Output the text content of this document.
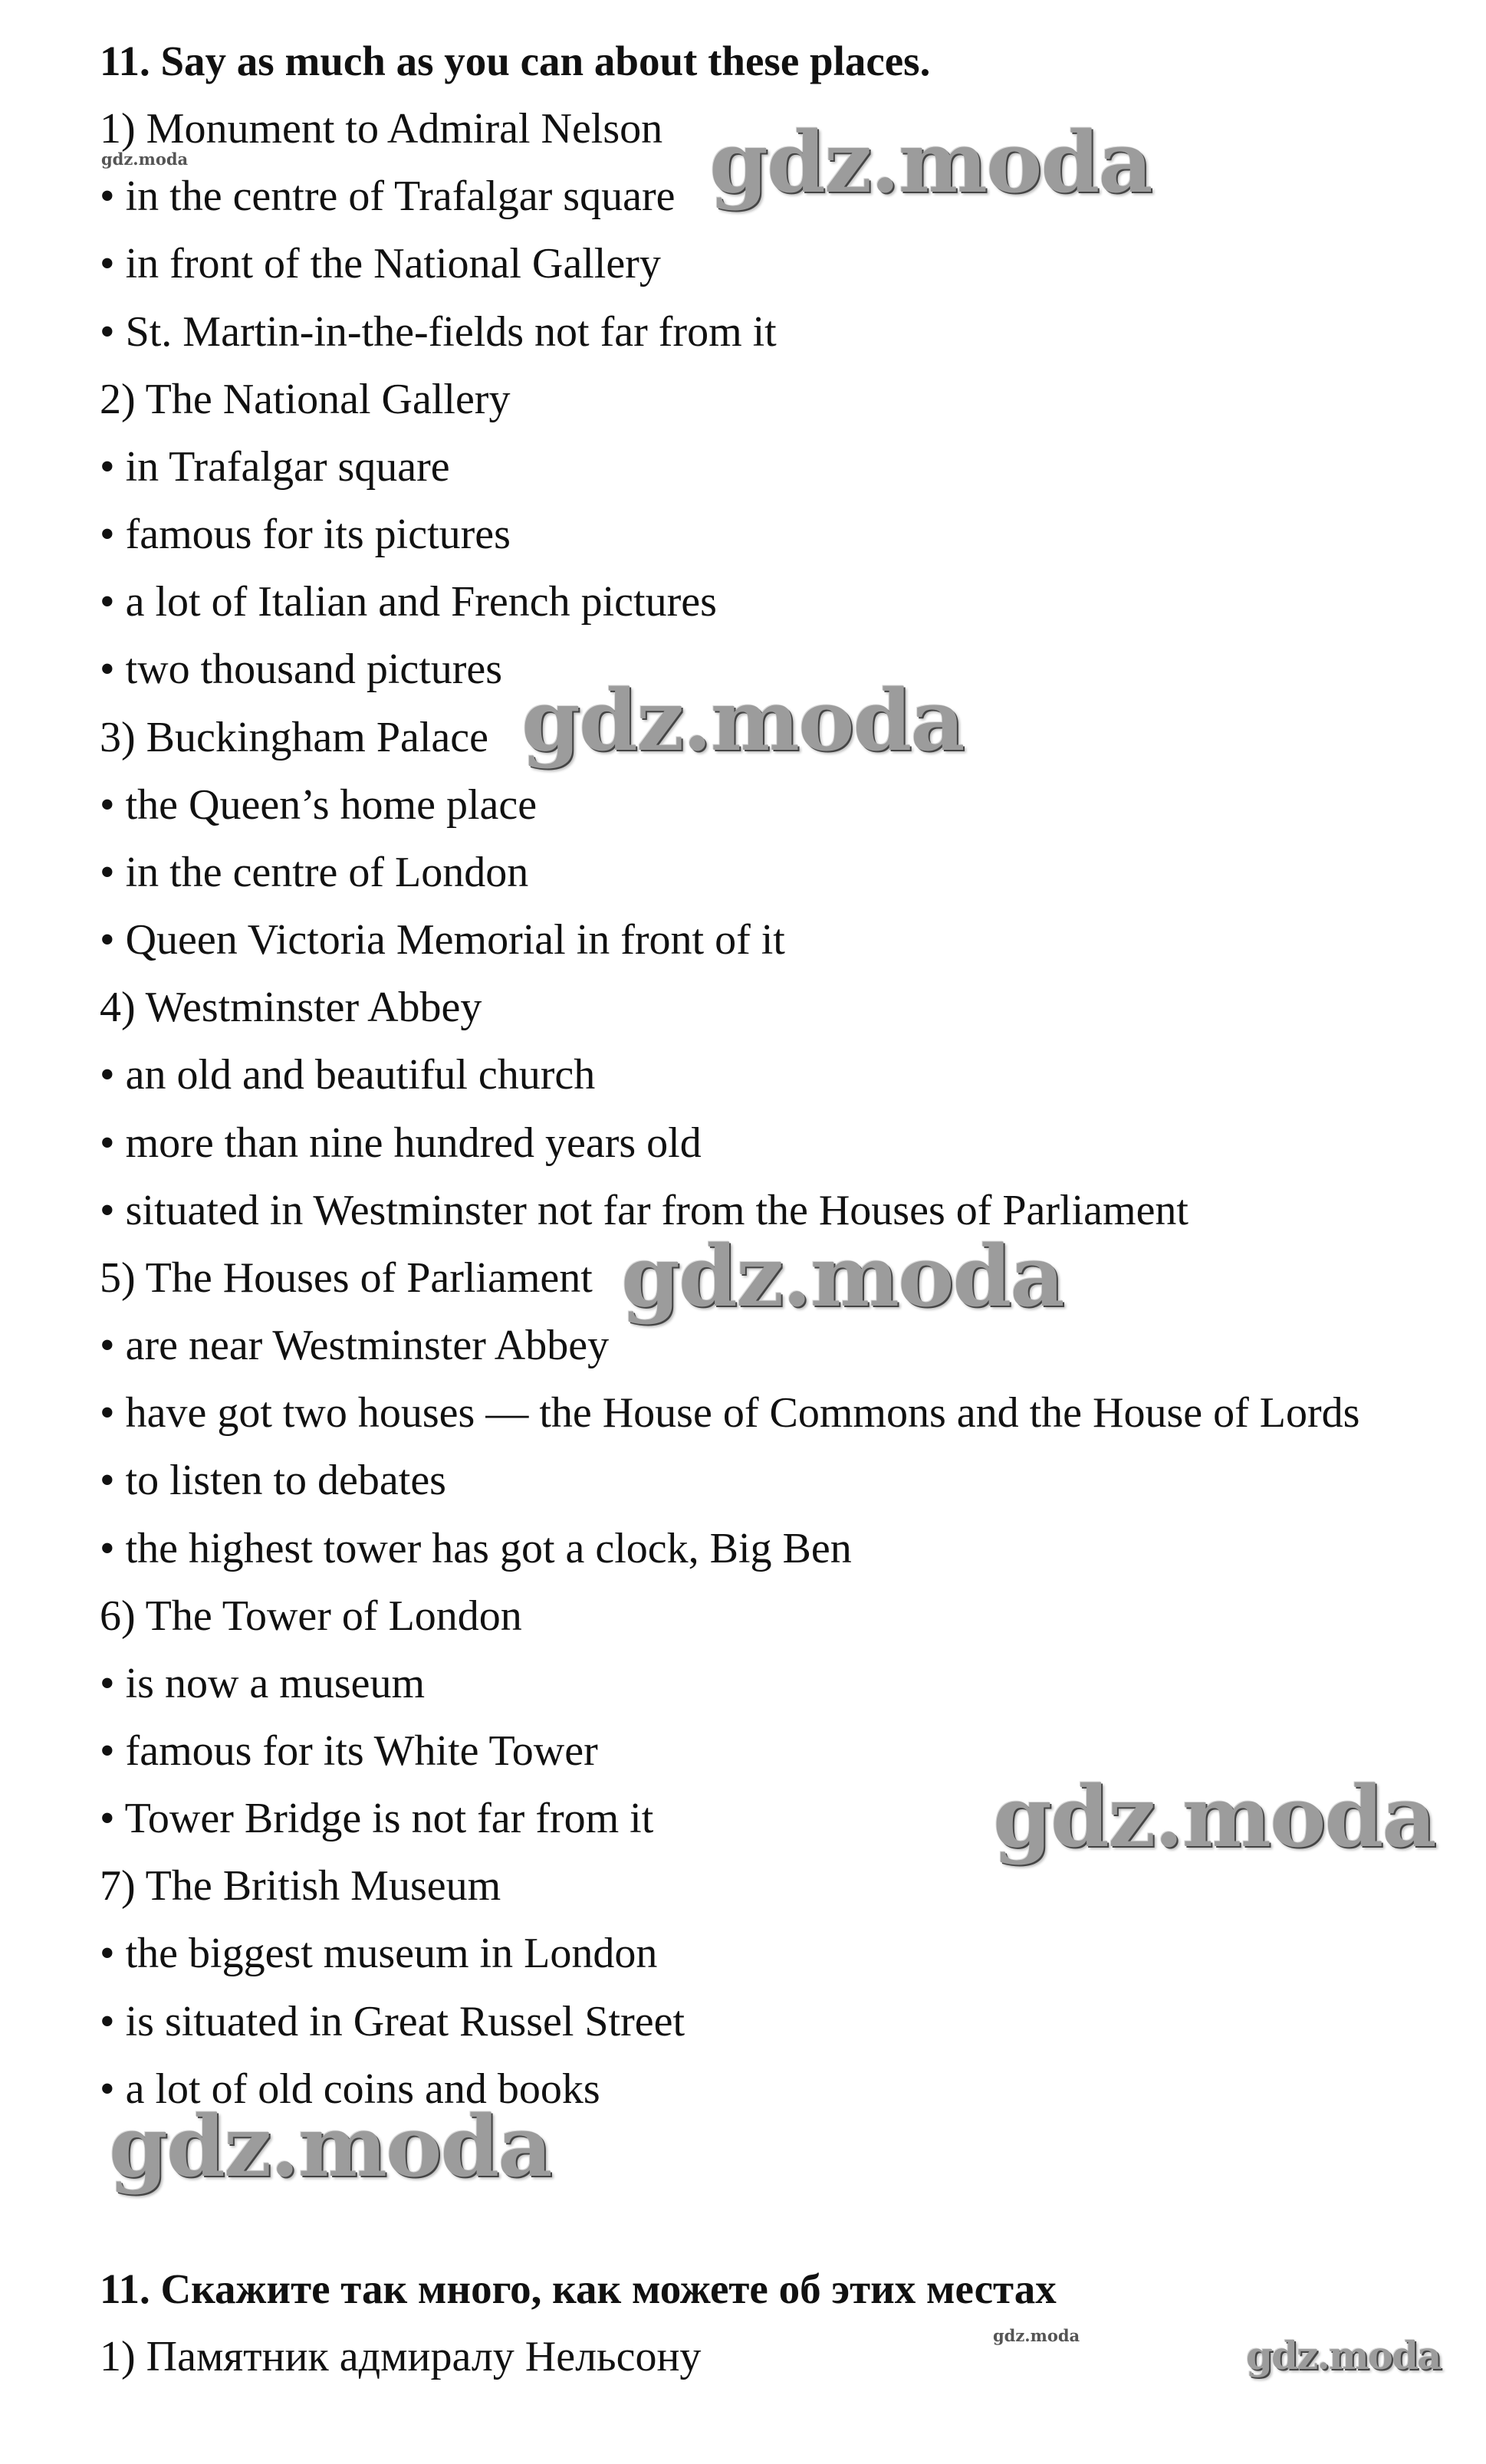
11. Say as much as you can about these places.

1) Monument to Admiral Nelson

• in the centre of Trafalgar square

• in front of the National Gallery

• St. Martin-in-the-fields not far from it

2) The National Gallery

• in Trafalgar square

• famous for its pictures

• a lot of Italian and French pictures

• two thousand pictures

3) Buckingham Palace

• the Queen’s home place

• in the centre of London

• Queen Victoria Memorial in front of it

4) Westminster Abbey

• an old and beautiful church

• more than nine hundred years old

• situated in Westminster not far from the Houses of Parliament

5) The Houses of Parliament

• are near Westminster Abbey

• have got two houses — the House of Commons and the House of Lords

• to listen to debates

• the highest tower has got a clock, Big Ben

6) The Tower of London

• is now a museum

• famous for its White Tower

• Tower Bridge is not far from it

7) The British Museum

• the biggest museum in London

• is situated in Great Russel Street

• a lot of old coins and books

11. Скажите так много, как можете об этих местах

1) Памятник адмиралу Нельсону

gdz.moda	gdz.moda
gdz.moda
gdz.moda
gdz.moda
gdz.moda
gdz.moda	gdz.moda
